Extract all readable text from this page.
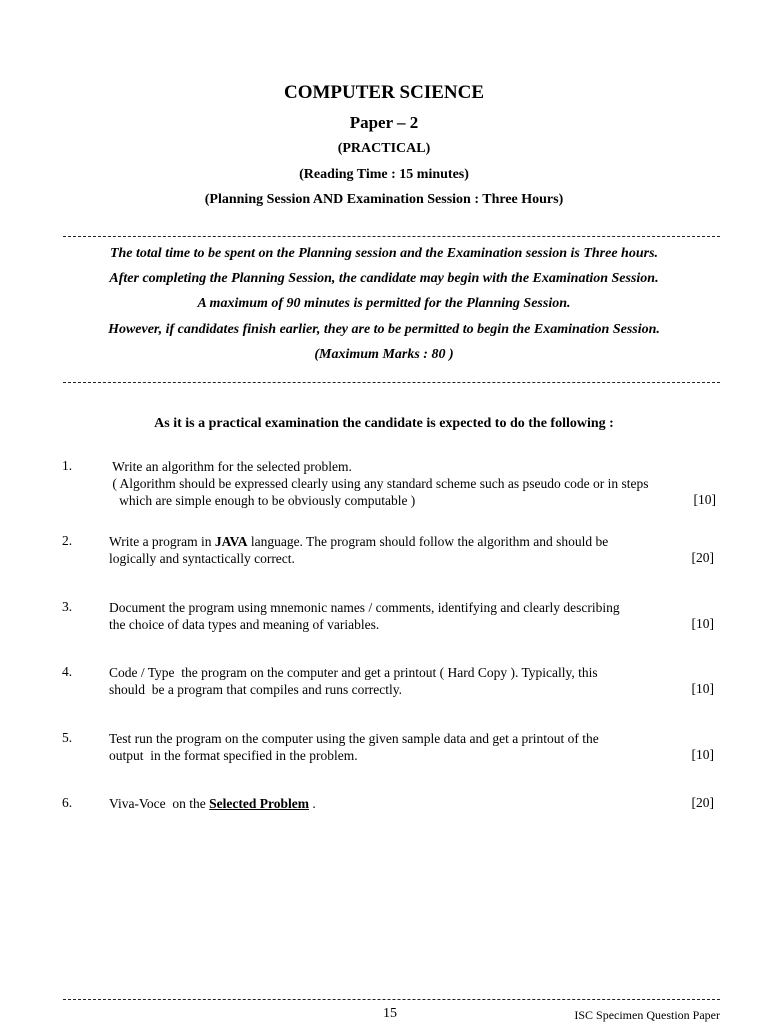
COMPUTER SCIENCE
Paper – 2
(PRACTICAL)
(Reading Time : 15 minutes)
(Planning Session AND Examination Session : Three Hours)
The total time to be spent on the Planning session and the Examination session is Three hours.
After completing the Planning Session, the candidate may begin with the Examination Session.
A maximum of 90 minutes is permitted for the Planning Session.
However, if candidates finish earlier, they are to be permitted to begin the Examination Session.
(Maximum Marks : 80 )
As it is a practical examination the candidate is expected to do the following :
1.	Write an algorithm for the selected problem.
( Algorithm should be expressed clearly using any standard scheme such as pseudo code or in steps
which are simple enough to be obviously computable )	[10]
2.	Write a program in JAVA language. The program should follow the algorithm and should be
logically and syntactically correct.	[20]
3.	Document the program using mnemonic names / comments, identifying and clearly describing
the choice of data types and meaning of variables.	[10]
4.	Code / Type  the program on the computer and get a printout ( Hard Copy ). Typically, this
should  be a program that compiles and runs correctly.	[10]
5.	Test run the program on the computer using the given sample data and get a printout of the
output  in the format specified in the problem.	[10]
6.	Viva-Voce  on the Selected Problem .	[20]
15	ISC Specimen Question Paper
